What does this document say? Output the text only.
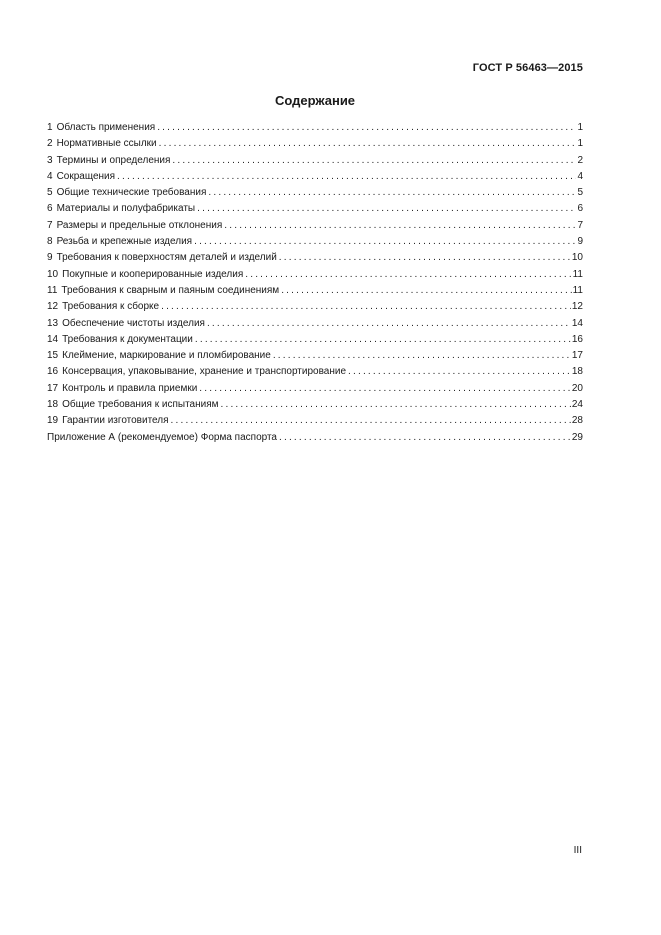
ГОСТ Р 56463—2015
Содержание
1 Область применения .....	1
2 Нормативные ссылки .....	1
3 Термины и определения .....	2
4 Сокращения .....	4
5 Общие технические требования .....	5
6 Материалы и полуфабрикаты .....	6
7 Размеры и предельные отклонения .....	7
8 Резьба и крепежные изделия .....	9
9 Требования к поверхностям деталей и изделий .....	10
10 Покупные и кооперированные изделия .....	11
11 Требования к сварным и паяным соединениям .....	11
12 Требования к сборке .....	12
13 Обеспечение чистоты изделия .....	14
14 Требования к документации .....	16
15 Клеймение, маркирование и пломбирование .....	17
16 Консервация, упаковывание, хранение и транспортирование .....	18
17 Контроль и правила приемки .....	20
18 Общие требования к испытаниям .....	24
19 Гарантии изготовителя .....	28
Приложение А (рекомендуемое) Форма паспорта .....	29
III
